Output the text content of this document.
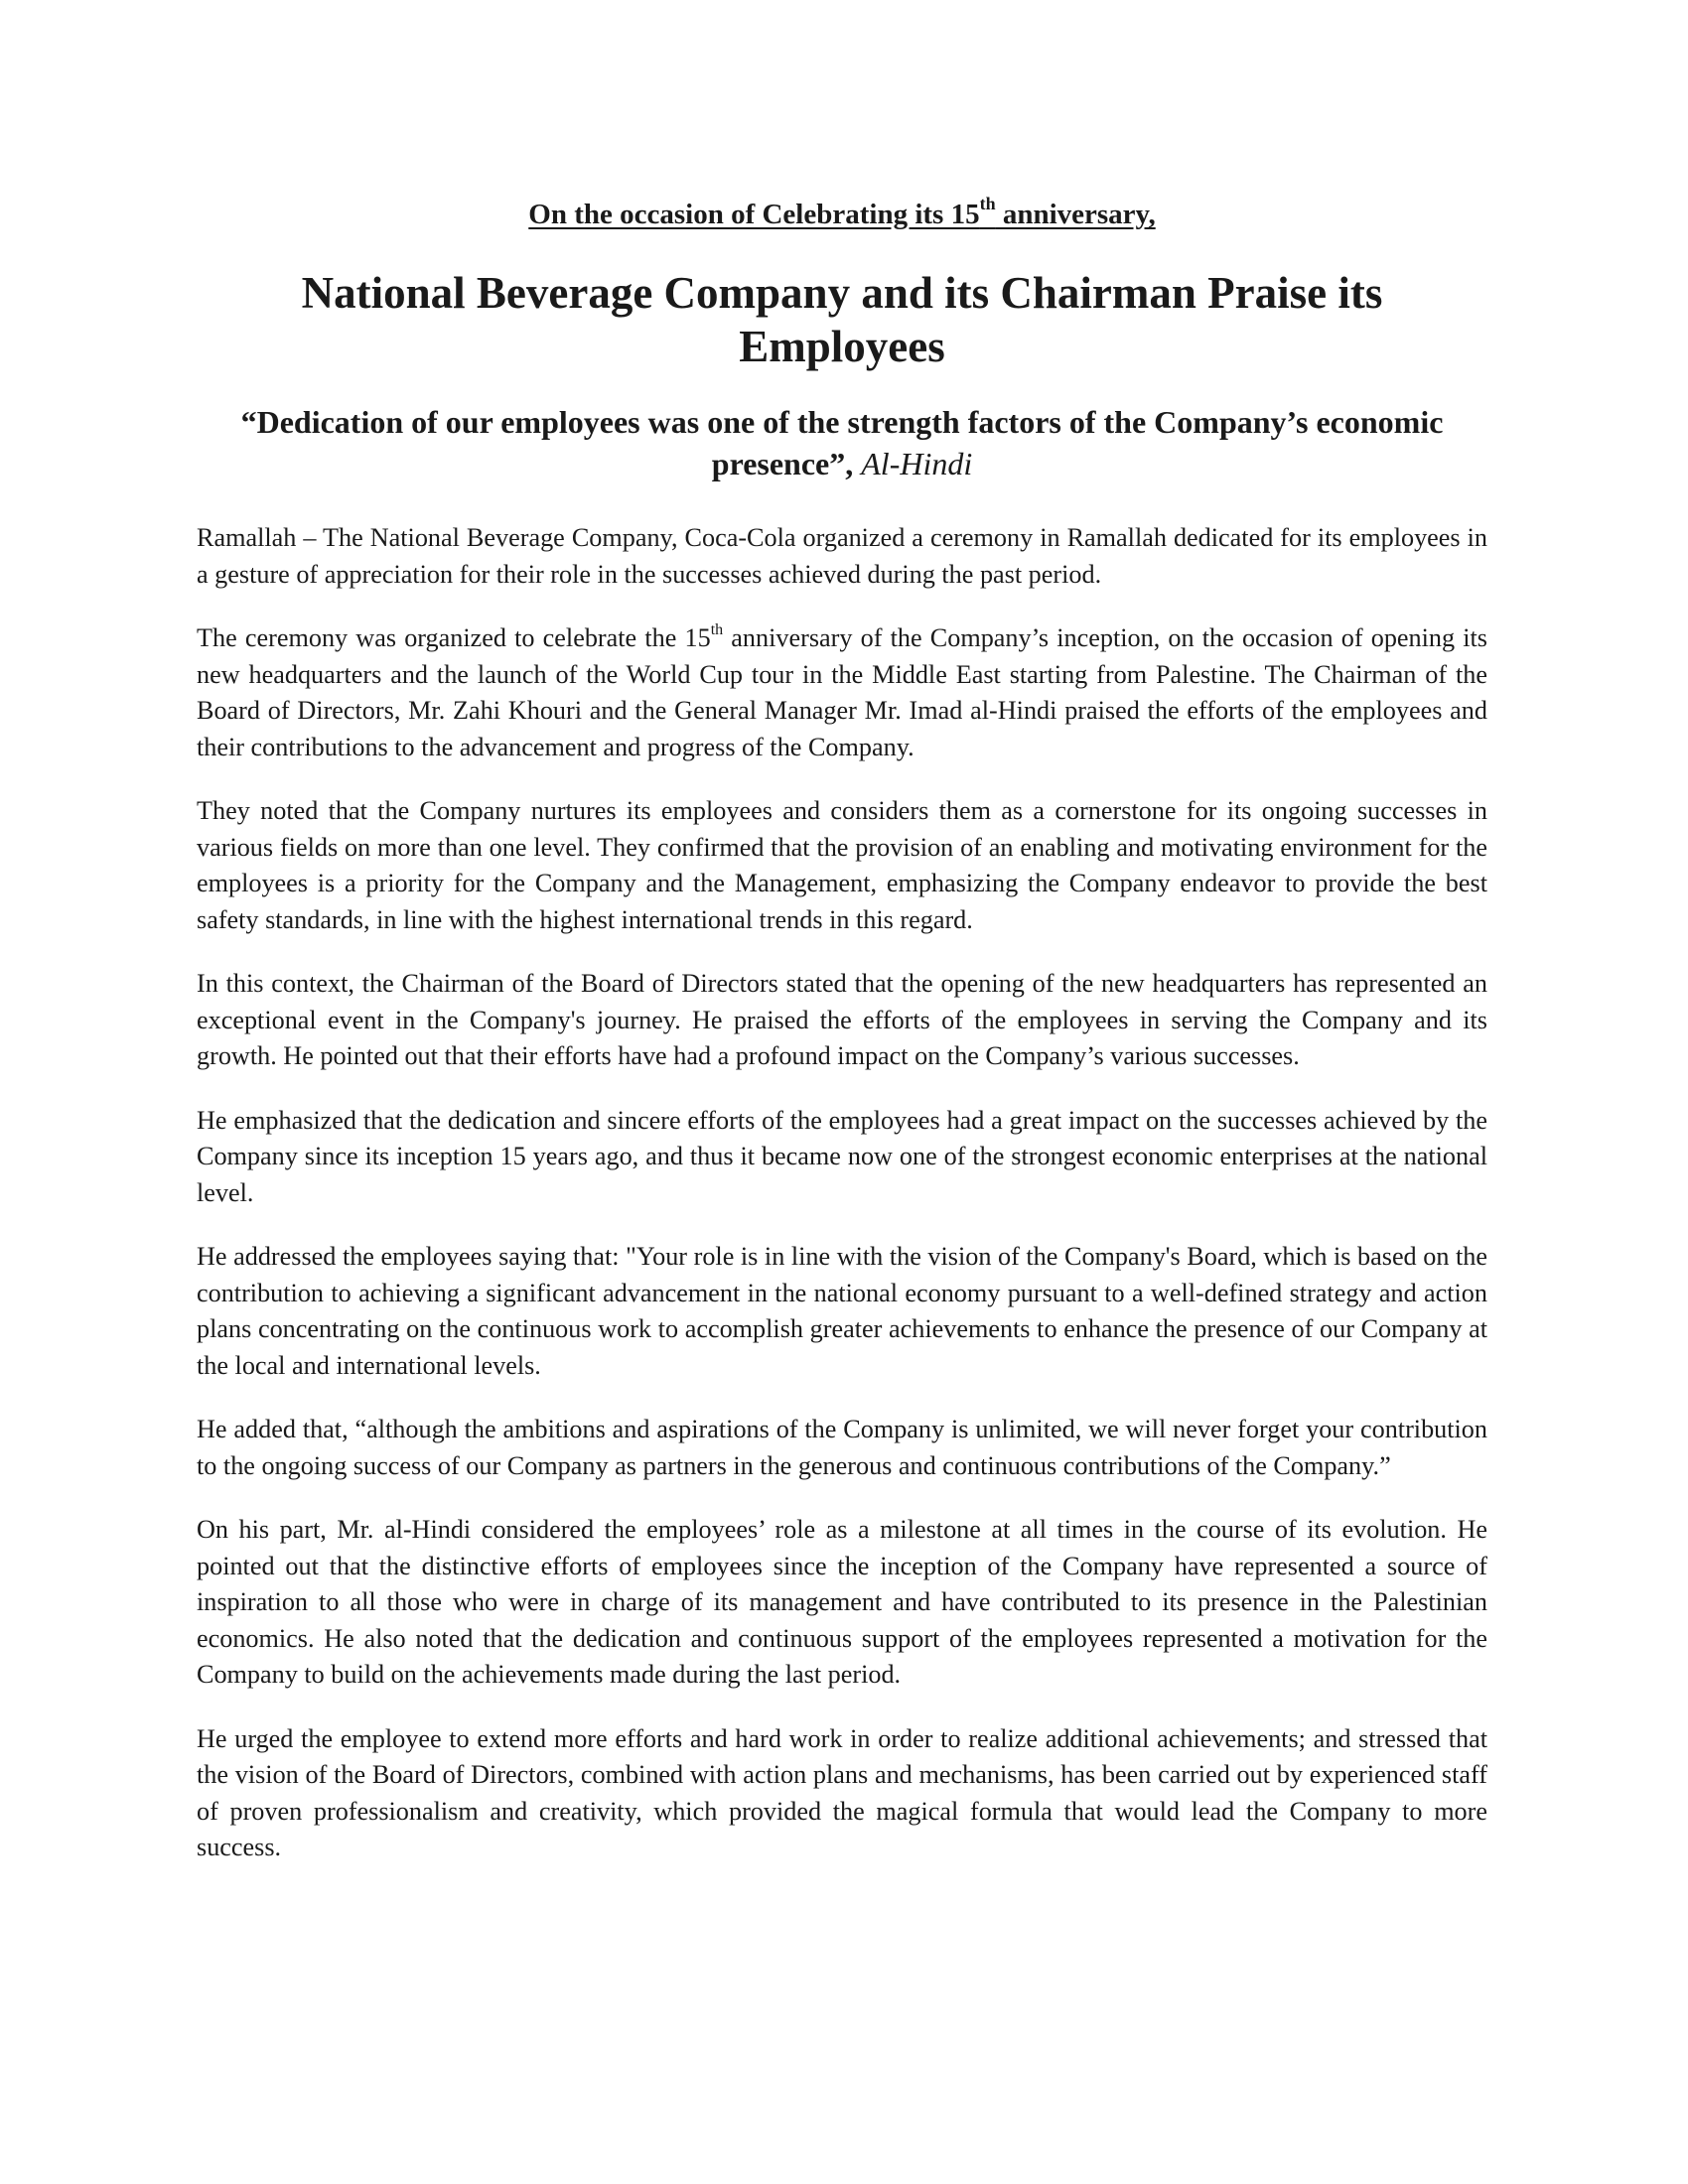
On the occasion of Celebrating its 15th anniversary,

National Beverage Company and its Chairman Praise its Employees
“Dedication of our employees was one of the strength factors of the Company’s economic presence”, Al-Hindi

Ramallah – The National Beverage Company, Coca-Cola organized a ceremony in Ramallah dedicated for its employees in a gesture of appreciation for their role in the successes achieved during the past period.

The ceremony was organized to celebrate the 15th anniversary of the Company’s inception, on the occasion of opening its new headquarters and the launch of the World Cup tour in the Middle East starting from Palestine. The Chairman of the Board of Directors, Mr. Zahi Khouri and the General Manager Mr. Imad al-Hindi praised the efforts of the employees and their contributions to the advancement and progress of the Company.

They noted that the Company nurtures its employees and considers them as a cornerstone for its ongoing successes in various fields on more than one level. They confirmed that the provision of an enabling and motivating environment for the employees is a priority for the Company and the Management, emphasizing the Company endeavor to provide the best safety standards, in line with the highest international trends in this regard.

In this context, the Chairman of the Board of Directors stated that the opening of the new headquarters has represented an exceptional event in the Company's journey. He praised the efforts of the employees in serving the Company and its growth. He pointed out that their efforts have had a profound impact on the Company’s various successes.

He emphasized that the dedication and sincere efforts of the employees had a great impact on the successes achieved by the Company since its inception 15 years ago, and thus it became now one of the strongest economic enterprises at the national level.

He addressed the employees saying that: "Your role is in line with the vision of the Company's Board, which is based on the contribution to achieving a significant advancement in the national economy pursuant to a well-defined strategy and action plans concentrating on the continuous work to accomplish greater achievements to enhance the presence of our Company at the local and international levels.

He added that, “although the ambitions and aspirations of the Company is unlimited, we will never forget your contribution to the ongoing success of our Company as partners in the generous and continuous contributions of the Company.”

On his part, Mr. al-Hindi considered the employees’ role as a milestone at all times in the course of its evolution. He pointed out that the distinctive efforts of employees since the inception of the Company have represented a source of inspiration to all those who were in charge of its management and have contributed to its presence in the Palestinian economics. He also noted that the dedication and continuous support of the employees represented a motivation for the Company to build on the achievements made during the last period.

He urged the employee to extend more efforts and hard work in order to realize additional achievements; and stressed that the vision of the Board of Directors, combined with action plans and mechanisms, has been carried out by experienced staff of proven professionalism and creativity, which provided the magical formula that would lead the Company to more success.
